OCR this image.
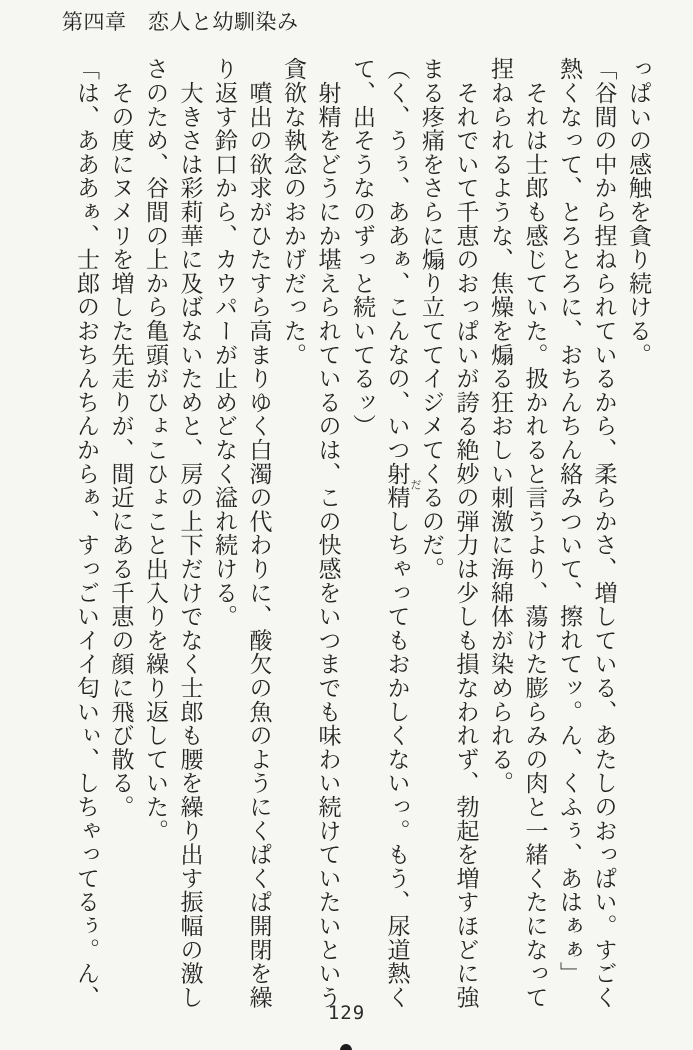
第四章　恋人と幼馴染み

っぱいの感触を貪り続ける。

「谷間の中から捏ねられているから、柔らかさ、増している、あたしのおっぱい。すごく

熱くなって、とろとろに、おちんちん絡みついて、擦れてッ。ん、くふぅ、あはぁぁ」

　それは士郎も感じていた。扱かれると言うより、蕩けた膨らみの肉と一緒くたになって

捏ねられるような、焦燥を煽る狂おしい刺激に海綿体が染められる。

　それでいて千恵のおっぱいが誇る絶妙の弾力は少しも損なわれず、勃起を増すほどに強

まる疼痛をさらに煽り立ててイジメてくるのだ。

（く、うぅ、ああぁ、こんなの、いつ射精しちゃってもおかしくないっ。もう、尿道熱く

て、出そうなのずっと続いてるッ）

　射精をどうにか堪えられているのは、この快感をいつまでも味わい続けていたいという

貪欲な執念のおかげだった。

　噴出の欲求がひたすら高まりゆく白濁の代わりに、酸欠の魚のようにくぱくぱ開閉を繰

り返す鈴口から、カウパーが止めどなく溢れ続ける。

　大きさは彩莉華に及ばないためと、房の上下だけでなく士郎も腰を繰り出す振幅の激し

さのため、谷間の上から亀頭がひょこひょこと出入りを繰り返していた。

　その度にヌメリを増した先走りが、間近にある千恵の顔に飛び散る。

「は、あああぁ、士郎のおちんちんからぁ、すっごいイイ匂いぃ、しちゃってるぅ。ん、	だ
129
